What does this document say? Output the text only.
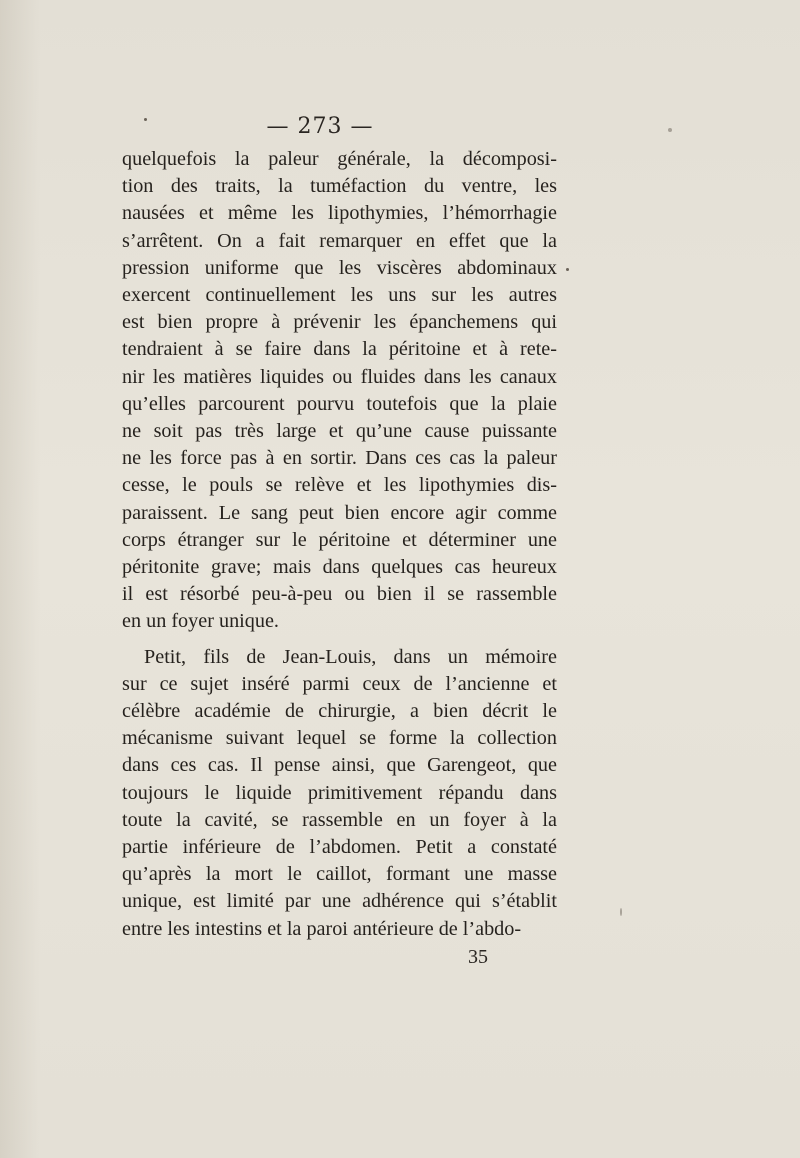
— 273 —

quelquefois la paleur générale, la décomposi-
tion des traits, la tuméfaction du ventre, les
nausées et même les lipothymies, l’hémorrhagie
s’arrêtent. On a fait remarquer en effet que la
pression uniforme que les viscères abdominaux
exercent continuellement les uns sur les autres
est bien propre à prévenir les épanchemens qui
tendraient à se faire dans la péritoine et à rete-
nir les matières liquides ou fluides dans les canaux
qu’elles parcourent pourvu toutefois que la plaie
ne soit pas très large et qu’une cause puissante
ne les force pas à en sortir. Dans ces cas la paleur
cesse, le pouls se relève et les lipothymies dis-
paraissent. Le sang peut bien encore agir comme
corps étranger sur le péritoine et déterminer une
péritonite grave; mais dans quelques cas heureux
il est résorbé peu-à-peu ou bien il se rassemble
en un foyer unique.

Petit, fils de Jean-Louis, dans un mémoire
sur ce sujet inséré parmi ceux de l’ancienne et
célèbre académie de chirurgie, a bien décrit le
mécanisme suivant lequel se forme la collection
dans ces cas. Il pense ainsi, que Garengeot, que
toujours le liquide primitivement répandu dans
toute la cavité, se rassemble en un foyer à la
partie inférieure de l’abdomen. Petit a constaté
qu’après la mort le caillot, formant une masse
unique, est limité par une adhérence qui s’établit
entre les intestins et la paroi antérieure de l’abdo-

35
